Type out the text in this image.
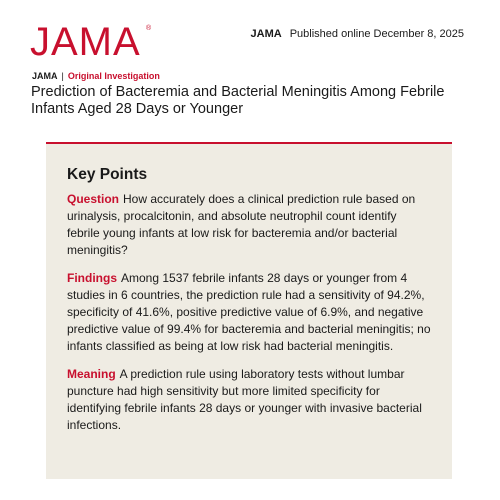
JAMA ®	JAMA Published online December 8, 2025
JAMA | Original Investigation
Prediction of Bacteremia and Bacterial Meningitis Among Febrile Infants Aged 28 Days or Younger
Key Points

Question How accurately does a clinical prediction rule based on urinalysis, procalcitonin, and absolute neutrophil count identify febrile young infants at low risk for bacteremia and/or bacterial meningitis?

Findings Among 1537 febrile infants 28 days or younger from 4 studies in 6 countries, the prediction rule had a sensitivity of 94.2%, specificity of 41.6%, positive predictive value of 6.9%, and negative predictive value of 99.4% for bacteremia and bacterial meningitis; no infants classified as being at low risk had bacterial meningitis.

Meaning A prediction rule using laboratory tests without lumbar puncture had high sensitivity but more limited specificity for identifying febrile infants 28 days or younger with invasive bacterial infections.
